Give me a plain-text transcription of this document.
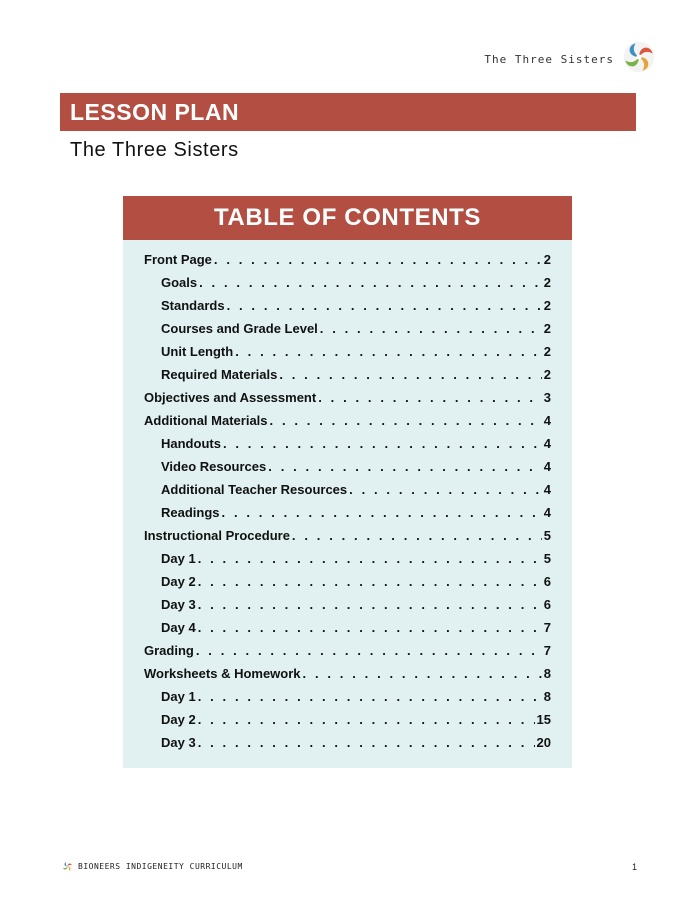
The Three Sisters
LESSON PLAN
The Three Sisters
TABLE OF CONTENTS
Front Page . . .	2
Goals . . .	2
Standards . . .	2
Courses and Grade Level . . .	2
Unit Length . . .	2
Required Materials . . .	2
Objectives and Assessment . . .	3
Additional Materials . . .	4
Handouts . . .	4
Video Resources . . .	4
Additional Teacher Resources . . .	4
Readings . . .	4
Instructional Procedure . . .	5
Day 1 . . .	5
Day 2 . . .	6
Day 3 . . .	6
Day 4 . . .	7
Grading . . .	7
Worksheets & Homework . . .	8
Day 1 . . .	8
Day 2 . . .	15
Day 3 . . .	20
BIONEERS INDIGENEITY CURRICULUM	1
